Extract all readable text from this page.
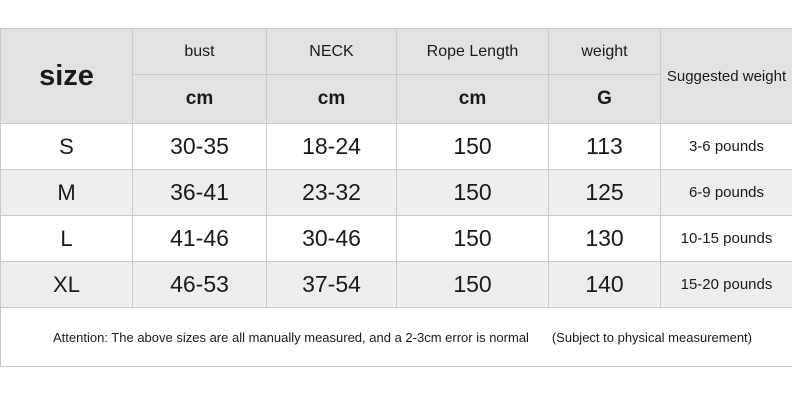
size	bust	NECK	Rope Length	weight	Suggested weight
	cm	cm	cm	G	
S	30-35	18-24	150	113	3-6 pounds
M	36-41	23-32	150	125	6-9 pounds
L	41-46	30-46	150	130	10-15 pounds
XL	46-53	37-54	150	140	15-20 pounds

Attention: The above sizes are all manually measured, and a 2-3cm error is normal (Subject to physical measurement)					
